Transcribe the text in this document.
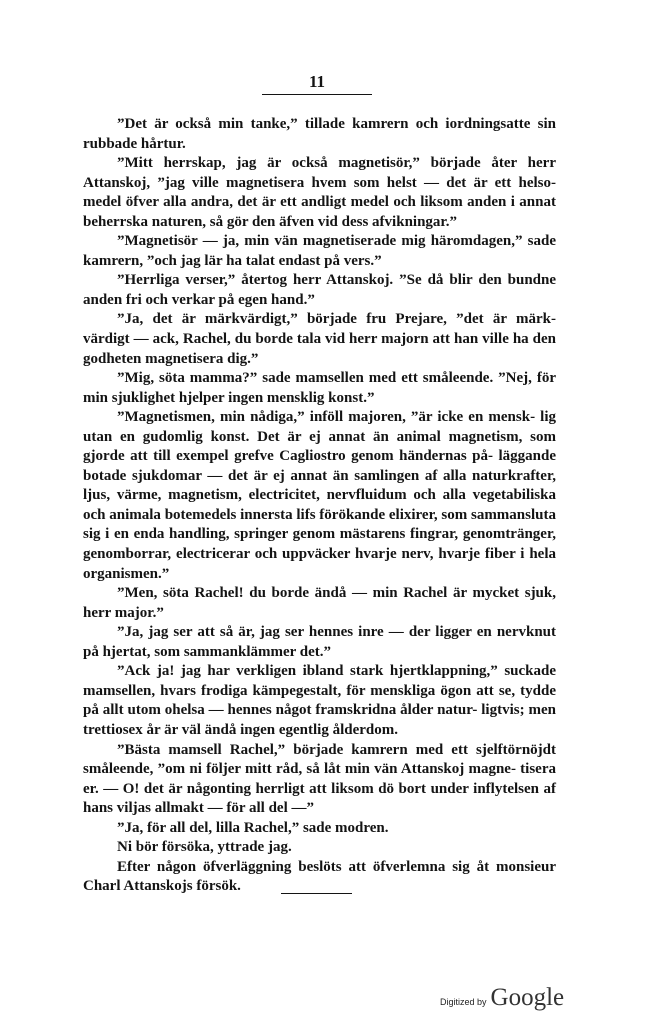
11

”Det är också min tanke,” tillade kamrern och iordningsatte sin rubbade hårtur.

”Mitt herrskap, jag är också magnetisör,” började åter herr Attanskoj, ”jag ville magnetisera hvem som helst — det är ett helso- medel öfver alla andra, det är ett andligt medel och liksom anden i annat beherrska naturen, så gör den äfven vid dess afvikningar.”

”Magnetisör — ja, min vän magnetiserade mig häromdagen,” sade kamrern, ”och jag lär ha talat endast på vers.”

”Herrliga verser,” återtog herr Attanskoj. ”Se då blir den bundne anden fri och verkar på egen hand.”

”Ja, det är märkvärdigt,” började fru Prejare, ”det är märk- värdigt — ack, Rachel, du borde tala vid herr majorn att han ville ha den godheten magnetisera dig.”

”Mig, söta mamma?” sade mamsellen med ett småleende. ”Nej, för min sjuklighet hjelper ingen mensklig konst.”

”Magnetismen, min nådiga,” inföll majoren, ”är icke en mensk- lig utan en gudomlig konst. Det är ej annat än animal magnetism, som gjorde att till exempel grefve Cagliostro genom händernas på- läggande botade sjukdomar — det är ej annat än samlingen af alla naturkrafter, ljus, värme, magnetism, electricitet, nervfluidum och alla vegetabiliska och animala botemedels innersta lifs förökande elixirer, som sammansluta sig i en enda handling, springer genom mästarens fingrar, genomtränger, genomborrar, electricerar och uppväcker hvarje nerv, hvarje fiber i hela organismen.”

”Men, söta Rachel! du borde ändå — min Rachel är mycket sjuk, herr major.”

”Ja, jag ser att så är, jag ser hennes inre — der ligger en nervknut på hjertat, som sammanklämmer det.”

”Ack ja! jag har verkligen ibland stark hjertklappning,” suckade mamsellen, hvars frodiga kämpegestalt, för menskliga ögon att se, tydde på allt utom ohelsa — hennes något framskridna ålder natur- ligtvis; men trettiosex år är väl ändå ingen egentlig ålderdom.

”Bästa mamsell Rachel,” började kamrern med ett sjelftörnöjdt småleende, ”om ni följer mitt råd, så låt min vän Attanskoj magne- tisera er. — O! det är någonting herrligt att liksom dö bort under inflytelsen af hans viljas allmakt — för all del —”

”Ja, för all del, lilla Rachel,” sade modren.

Ni bör försöka, yttrade jag.

Efter någon öfverläggning beslöts att öfverlemna sig åt monsieur Charl Attanskojs försök.

Digitized by Google
